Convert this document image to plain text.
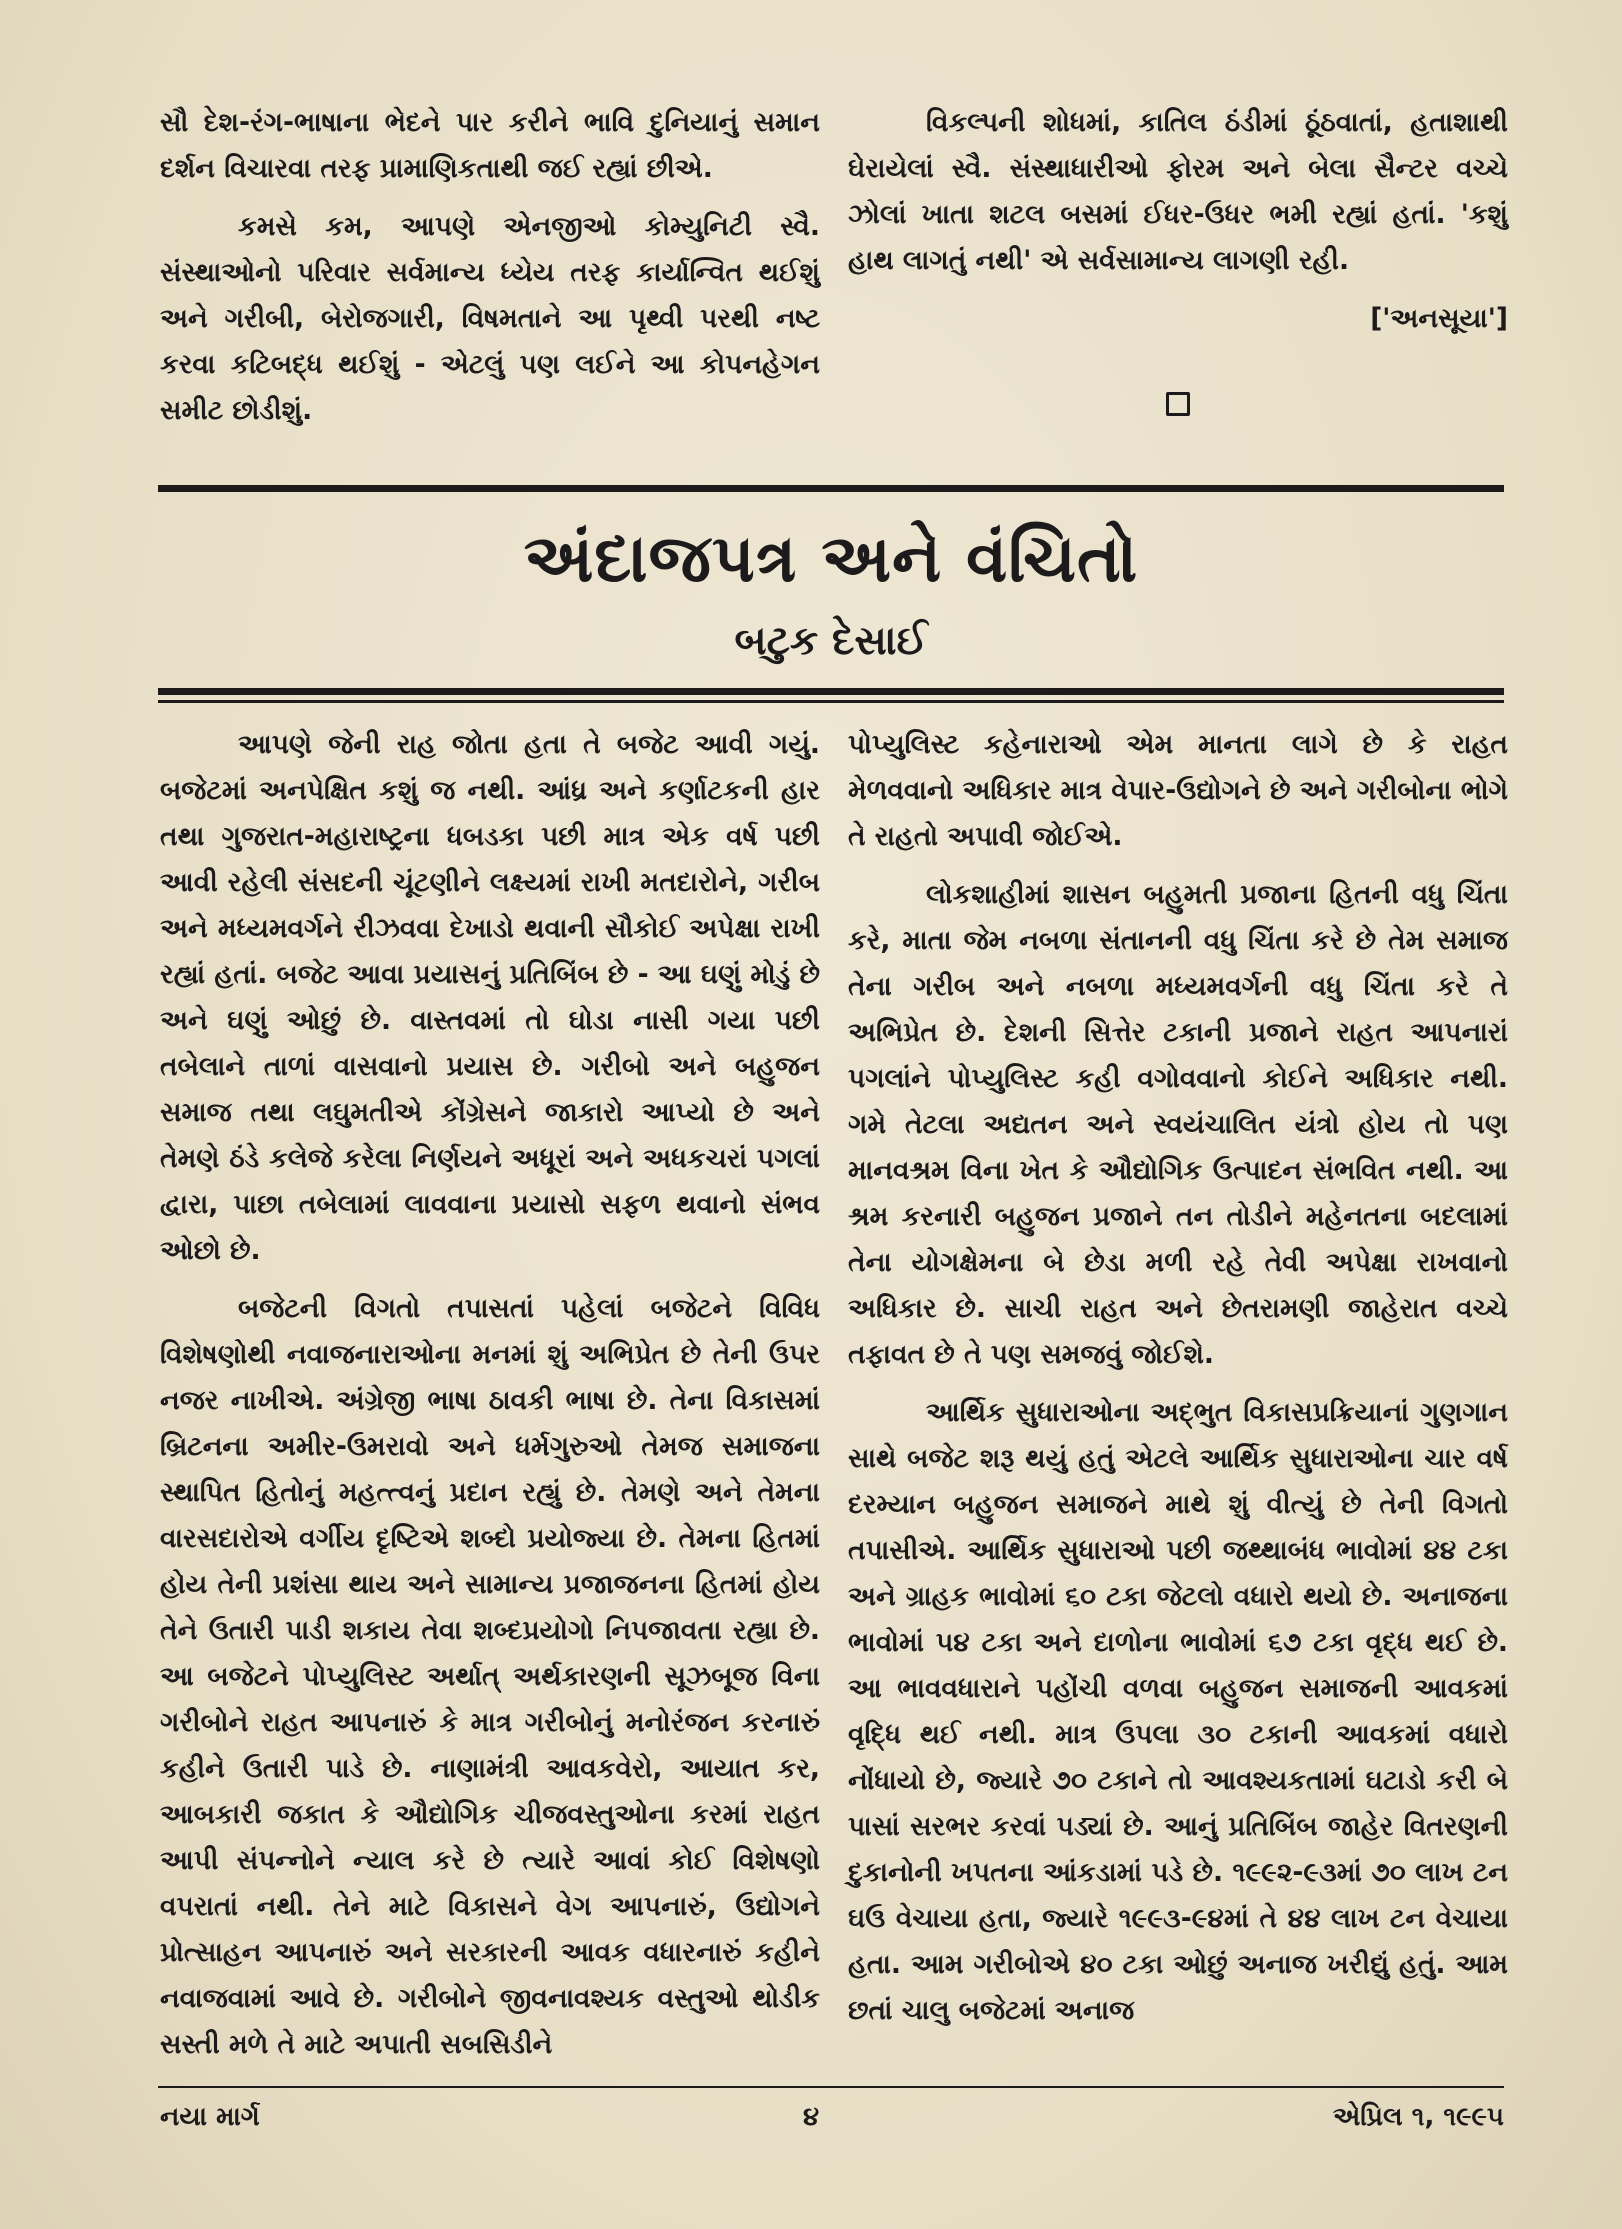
સૌ દેશ-રંગ-ભાષાના ભેદને પાર કરીને ભાવિ દુનિયાનું સમાન દર્શન વિચારવા તરફ પ્રામાણિકતાથી જઈ રહ્યાં છીએ.

કમસે કમ, આપણે એનજીઓ કોમ્યુનિટી સ્વૈ. સંસ્થાઓનો પરિવાર સર્વમાન્ય ધ્યેય તરફ કાર્યાન્વિત થઈશું અને ગરીબી, બેરોજગારી, વિષમતાને આ પૃથ્વી પરથી નષ્ટ કરવા કટિબદ્ધ થઈશું - એટલું પણ લઈને આ કોપનહેગન સમીટ છોડીશું.

વિકલ્પની શોધમાં, કાતિલ ઠંડીમાં ઠૂંઠવાતાં, હતાશાથી ઘેરાયેલાં સ્વૈ. સંસ્થાધારીઓ ફોરમ અને બેલા સૈન્ટર વચ્ચે ઝોલાં ખાતા શટલ બસમાં ઈધર-ઉધર ભમી રહ્યાં હતાં. 'કશું હાથ લાગતું નથી' એ સર્વસામાન્ય લાગણી રહી.

['અનસૂયા']
અંદાજપત્ર અને વંચિતો
બટુક દેસાઈ

આપણે જેની રાહ જોતા હતા તે બજેટ આવી ગયું. બજેટમાં અનપેક્ષિત કશું જ નથી. આંધ્ર અને કર્ણાટકની હાર તથા ગુજરાત-મહારાષ્ટ્રના ધબડકા પછી માત્ર એક વર્ષ પછી આવી રહેલી સંસદની ચૂંટણીને લક્ષ્યમાં રાખી મતદારોને, ગરીબ અને મધ્યમવર્ગને રીઝવવા દેખાડો થવાની સૌકોઈ અપેક્ષા રાખી રહ્યાં હતાં. બજેટ આવા પ્રયાસનું પ્રતિબિંબ છે - આ ઘણું મોડું છે અને ઘણું ઓછું છે. વાસ્તવમાં તો ઘોડા નાસી ગયા પછી તબેલાને તાળાં વાસવાનો પ્રયાસ છે. ગરીબો અને બહુજન સમાજ તથા લઘુમતીએ કોંગ્રેસને જાકારો આપ્યો છે અને તેમણે ઠંડે કલેજે કરેલા નિર્ણયને અધૂરાં અને અધકચરાં પગલાં દ્વારા, પાછા તબેલામાં લાવવાના પ્રયાસો સફળ થવાનો સંભવ ઓછો છે.

બજેટની વિગતો તપાસતાં પહેલાં બજેટને વિવિધ વિશેષણોથી નવાજનારાઓના મનમાં શું અભિપ્રેત છે તેની ઉપર નજર નાખીએ. અંગ્રેજી ભાષા ઠાવકી ભાષા છે. તેના વિકાસમાં બ્રિટનના અમીર-ઉમરાવો અને ધર્મગુરુઓ તેમજ સમાજના સ્થાપિત હિતોનું મહત્ત્વનું પ્રદાન રહ્યું છે. તેમણે અને તેમના વારસદારોએ વર્ગીય દૃષ્ટિએ શબ્દો પ્રયોજ્યા છે. તેમના હિતમાં હોય તેની પ્રશંસા થાય અને સામાન્ય પ્રજાજનના હિતમાં હોય તેને ઉતારી પાડી શકાય તેવા શબ્દપ્રયોગો નિપજાવતા રહ્યા છે. આ બજેટને પોપ્યુલિસ્ટ અર્થાત્ અર્થકારણની સૂઝબૂજ વિના ગરીબોને રાહત આપનારું કે માત્ર ગરીબોનું મનોરંજન કરનારું કહીને ઉતારી પાડે છે. નાણામંત્રી આવકવેરો, આયાત કર, આબકારી જકાત કે ઔદ્યોગિક ચીજવસ્તુઓના કરમાં રાહત આપી સંપન્નોને ન્યાલ કરે છે ત્યારે આવાં કોઈ વિશેષણો વપરાતાં નથી. તેને માટે વિકાસને વેગ આપનારું, ઉદ્યોગને પ્રોત્સાહન આપનારું અને સરકારની આવક વધારનારું કહીને નવાજવામાં આવે છે. ગરીબોને જીવનાવશ્યક વસ્તુઓ થોડીક સસ્તી મળે તે માટે અપાતી સબસિડીને

પોપ્યુલિસ્ટ કહેનારાઓ એમ માનતા લાગે છે કે રાહત મેળવવાનો અધિકાર માત્ર વેપાર-ઉદ્યોગને છે અને ગરીબોના ભોગે તે રાહતો અપાવી જોઈએ.

લોકશાહીમાં શાસન બહુમતી પ્રજાના હિતની વધુ ચિંતા કરે, માતા જેમ નબળા સંતાનની વધુ ચિંતા કરે છે તેમ સમાજ તેના ગરીબ અને નબળા મધ્યમવર્ગની વધુ ચિંતા કરે તે અભિપ્રેત છે. દેશની સિત્તેર ટકાની પ્રજાને રાહત આપનારાં પગલાંને પોપ્યુલિસ્ટ કહી વગોવવાનો કોઈને અધિકાર નથી. ગમે તેટલા અદ્યતન અને સ્વયંચાલિત યંત્રો હોય તો પણ માનવશ્રમ વિના ખેત કે ઔદ્યોગિક ઉત્પાદન સંભવિત નથી. આ શ્રમ કરનારી બહુજન પ્રજાને તન તોડીને મહેનતના બદલામાં તેના યોગક્ષેમના બે છેડા મળી રહે તેવી અપેક્ષા રાખવાનો અધિકાર છે. સાચી રાહત અને છેતરામણી જાહેરાત વચ્ચે તફાવત છે તે પણ સમજવું જોઈશે.

આર્થિક સુધારાઓના અદ્ભુત વિકાસપ્રક્રિયાનાં ગુણગાન સાથે બજેટ શરૂ થયું હતું એટલે આર્થિક સુધારાઓના ચાર વર્ષ દરમ્યાન બહુજન સમાજને માથે શું વીત્યું છે તેની વિગતો તપાસીએ. આર્થિક સુધારાઓ પછી જથ્થાબંધ ભાવોમાં ૪૪ ટકા અને ગ્રાહક ભાવોમાં ૬૦ ટકા જેટલો વધારો થયો છે. અનાજના ભાવોમાં ૫૪ ટકા અને દાળોના ભાવોમાં ૬૭ ટકા વૃદ્ધ થઈ છે. આ ભાવવધારાને પહોંચી વળવા બહુજન સમાજની આવકમાં વૃદ્ધિ થઈ નથી. માત્ર ઉપલા ૩૦ ટકાની આવકમાં વધારો નોંધાયો છે, જ્યારે ૭૦ ટકાને તો આવશ્યકતામાં ઘટાડો કરી બે પાસાં સરભર કરવાં પડ્યાં છે. આનું પ્રતિબિંબ જાહેર વિતરણની દુકાનોની ખપતના આંકડામાં પડે છે. ૧૯૯૨-૯૩માં ૭૦ લાખ ટન ઘઉ વેચાયા હતા, જ્યારે ૧૯૯૩-૯૪માં તે ૪૪ લાખ ટન વેચાયા હતા. આમ ગરીબોએ ૪૦ ટકા ઓછું અનાજ ખરીદ્યું હતું. આમ છતાં ચાલુ બજેટમાં અનાજ

નયા માર્ગ	૪	એપ્રિલ ૧, ૧૯૯૫
